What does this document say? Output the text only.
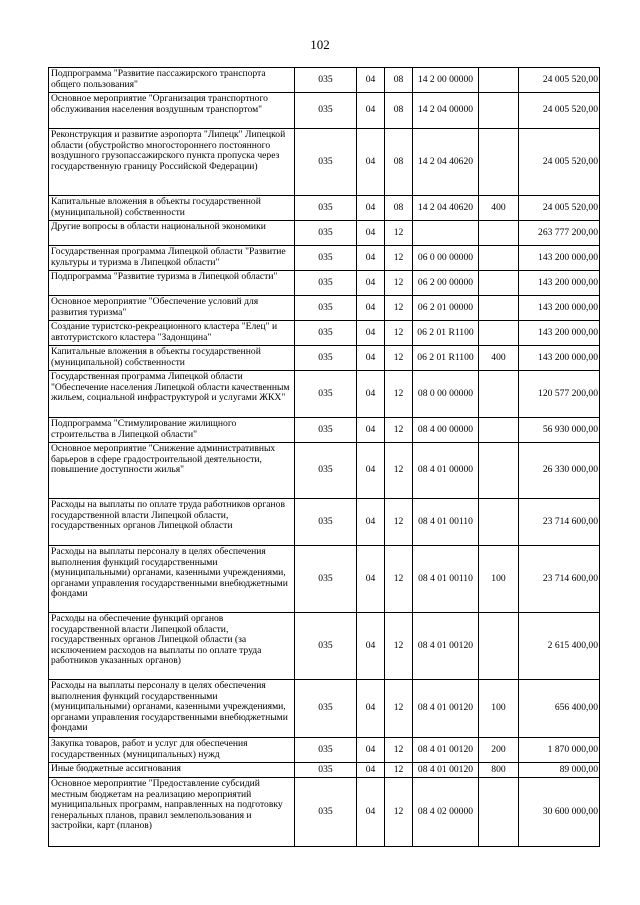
102
Подпрограмма "Развитие пассажирского транспорта общего пользования"	035	04	08	14 2 00 00000		24 005 520,00
Основное мероприятие "Организация транспортного обслуживания населения воздушным транспортом"	035	04	08	14 2 04 00000		24 005 520,00
Реконструкция и развитие аэропорта "Липецк" Липецкой области (обустройство многостороннего постоянного воздушного грузопассажирского пункта пропуска через государственную границу Российской Федерации)	035	04	08	14 2 04 40620		24 005 520,00
Капитальные вложения в объекты государственной (муниципальной) собственности	035	04	08	14 2 04 40620	400	24 005 520,00
Другие вопросы в области национальной экономики	035	04	12			263 777 200,00
Государственная программа Липецкой области "Развитие культуры и туризма в Липецкой области"	035	04	12	06 0 00 00000		143 200 000,00
Подпрограмма "Развитие туризма в Липецкой области"	035	04	12	06 2 00 00000		143 200 000,00
Основное мероприятие "Обеспечение условий для развития туризма"	035	04	12	06 2 01 00000		143 200 000,00
Создание туристско-рекреационного кластера "Елец" и автотуристского кластера "Задонщина"	035	04	12	06 2 01 R1100		143 200 000,00
Капитальные вложения в объекты государственной (муниципальной) собственности	035	04	12	06 2 01 R1100	400	143 200 000,00
Государственная программа Липецкой области "Обеспечение населения Липецкой области качественным жильем, социальной инфраструктурой и услугами ЖКХ"	035	04	12	08 0 00 00000		120 577 200,00
Подпрограмма "Стимулирование жилищного строительства в Липецкой области"	035	04	12	08 4 00 00000		56 930 000,00
Основное мероприятие "Снижение административных барьеров в сфере градостроительной деятельности, повышение доступности жилья"	035	04	12	08 4 01 00000		26 330 000,00
Расходы на выплаты по оплате труда работников органов государственной власти Липецкой области, государственных органов Липецкой области	035	04	12	08 4 01 00110		23 714 600,00
Расходы на выплаты персоналу в целях обеспечения выполнения функций государственными (муниципальными) органами, казенными учреждениями, органами управления государственными внебюджетными фондами	035	04	12	08 4 01 00110	100	23 714 600,00
Расходы на обеспечение функций органов государственной власти Липецкой области, государственных органов Липецкой области (за исключением расходов на выплаты по оплате труда работников указанных органов)	035	04	12	08 4 01 00120		2 615 400,00
Расходы на выплаты персоналу в целях обеспечения выполнения функций государственными (муниципальными) органами, казенными учреждениями, органами управления государственными внебюджетными фондами	035	04	12	08 4 01 00120	100	656 400,00
Закупка товаров, работ и услуг для обеспечения государственных (муниципальных) нужд	035	04	12	08 4 01 00120	200	1 870 000,00
Иные бюджетные ассигнования	035	04	12	08 4 01 00120	800	89 000,00
Основное мероприятие "Предоставление субсидий местным бюджетам на реализацию мероприятий муниципальных программ, направленных на подготовку генеральных планов, правил землепользования и застройки, карт (планов)	035	04	12	08 4 02 00000		30 600 000,00
